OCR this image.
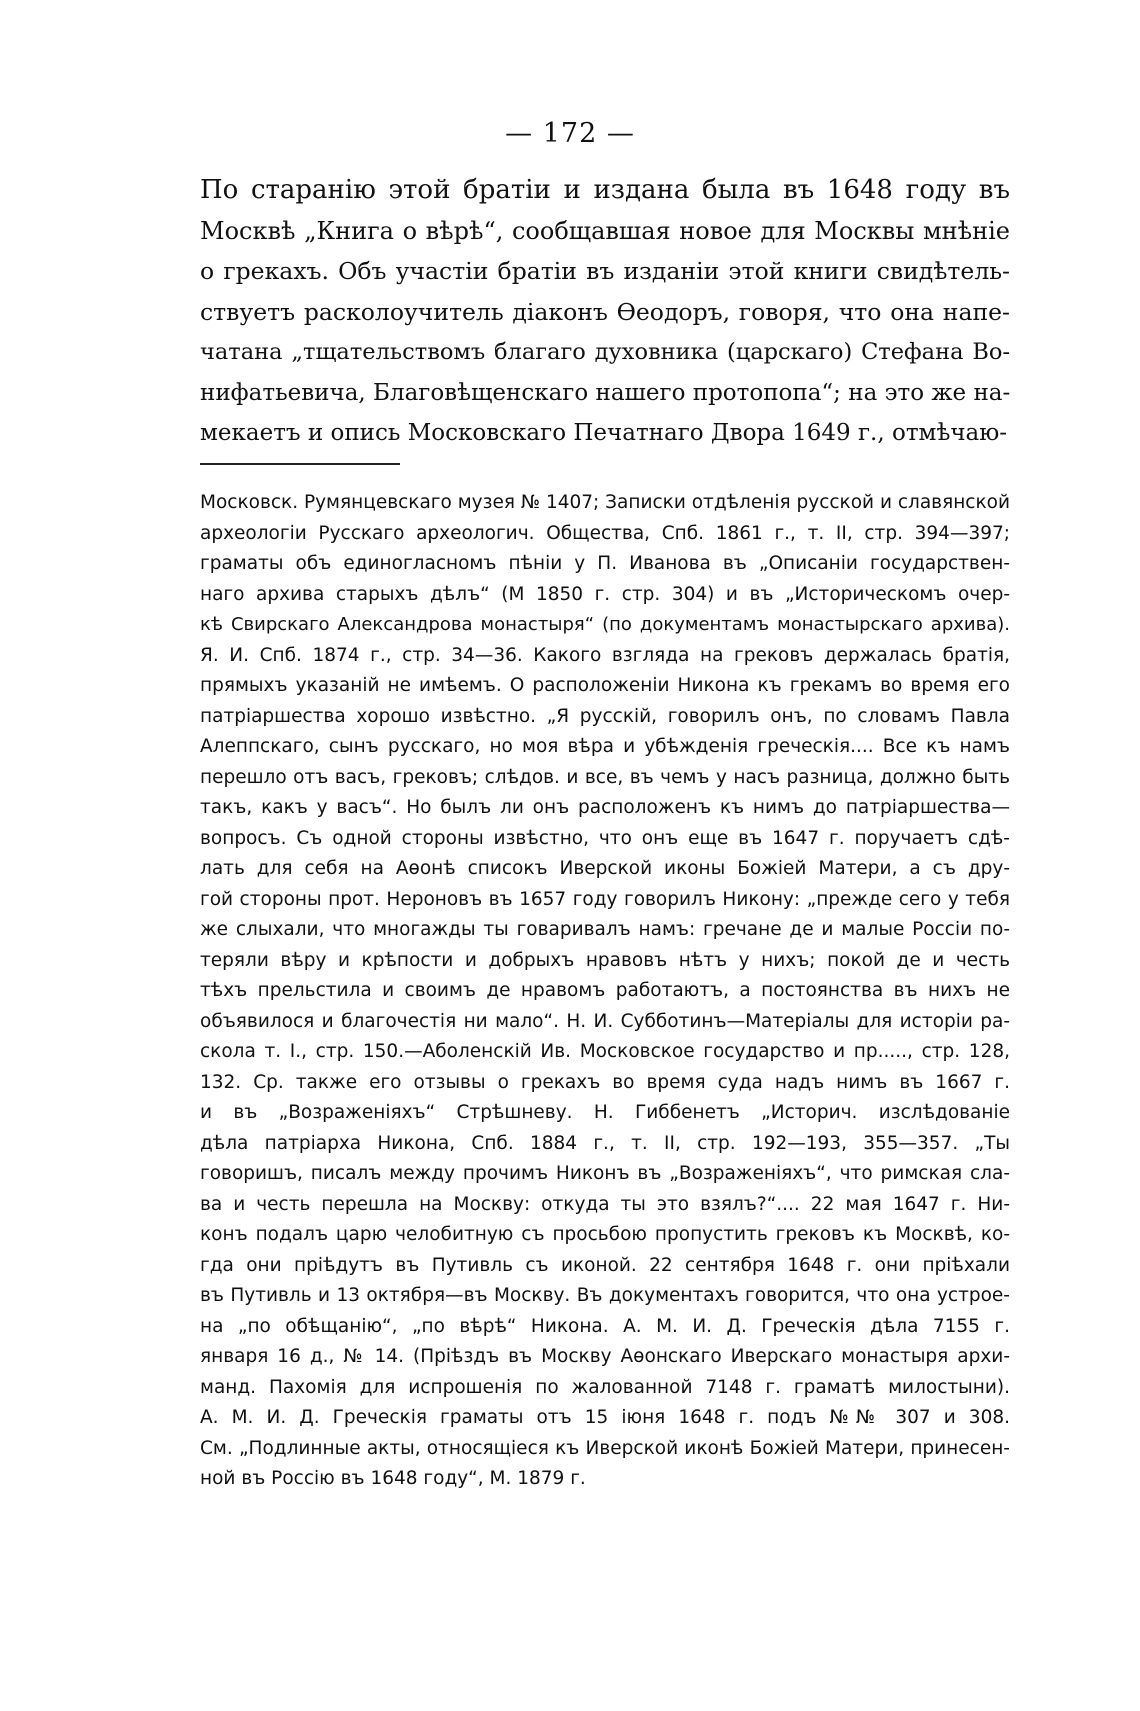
— 172 —
По старанію этой братіи и издана была въ 1648 году въ
Москвѣ „Книга о вѣрѣ“, сообщавшая новое для Москвы мнѣніе
о грекахъ. Объ участіи братіи въ изданіи этой книги свидѣтель-
ствуетъ расколоучитель діаконъ Ѳеодоръ, говоря, что она напе-
чатана „тщательствомъ благаго духовника (царскаго) Стефана Во-
нифатьевича, Благовѣщенскаго нашего протопопа“; на это же на-
мекаетъ и опись Московскаго Печатнаго Двора 1649 г., отмѣчаю-
Московск. Румянцевскаго музея № 1407; Записки отдѣленія русской и славянской
археологіи Русскаго археологич. Общества, Спб. 1861 г., т. II, стр. 394—397;
граматы объ единогласномъ пѣніи у П. Иванова въ „Описаніи государствен-
наго архива старыхъ дѣлъ“ (М 1850 г. стр. 304) и въ „Историческомъ очер-
кѣ Свирскаго Александрова монастыря“ (по документамъ монастырскаго архива).
Я. И. Спб. 1874 г., стр. 34—36. Какого взгляда на грековъ держалась братія,
прямыхъ указаній не имѣемъ. О расположеніи Никона къ грекамъ во время его
патріаршества хорошо извѣстно. „Я русскій, говорилъ онъ, по словамъ Павла
Алеппскаго, сынъ русскаго, но моя вѣра и убѣжденія греческія.... Все къ намъ
перешло отъ васъ, грековъ; слѣдов. и все, въ чемъ у насъ разница, должно быть
такъ, какъ у васъ“. Но былъ ли онъ расположенъ къ нимъ до патріаршества—
вопросъ. Съ одной стороны извѣстно, что онъ еще въ 1647 г. поручаетъ сдѣ-
лать для себя на Аѳонѣ списокъ Иверской иконы Божіей Матери, а съ дру-
гой стороны прот. Нероновъ въ 1657 году говорилъ Никону: „прежде сего у тебя
же слыхали, что многажды ты говаривалъ намъ: гречане де и малые Россіи по-
теряли вѣру и крѣпости и добрыхъ нравовъ нѣтъ у нихъ; покой де и честь
тѣхъ прельстила и своимъ де нравомъ работаютъ, а постоянства въ нихъ не
объявилося и благочестія ни мало“. Н. И. Субботинъ—Матеріалы для исторіи ра-
скола т. I., стр. 150.—Аболенскій Ив. Московское государство и пр....., стр. 128,
132. Ср. также его отзывы о грекахъ во время суда надъ нимъ въ 1667 г.
и въ „Возраженіяхъ“ Стрѣшневу. Н. Гиббенетъ „Историч. изслѣдованіе
дѣла патріарха Никона, Спб. 1884 г., т. II, стр. 192—193, 355—357. „Ты
говоришъ, писалъ между прочимъ Никонъ въ „Возраженіяхъ“, что римская сла-
ва и честь перешла на Москву: откуда ты это взялъ?“.... 22 мая 1647 г. Ни-
конъ подалъ царю челобитную съ просьбою пропустить грековъ къ Москвѣ, ко-
гда они пріѣдутъ въ Путивль съ иконой. 22 сентября 1648 г. они пріѣхали
въ Путивль и 13 октября—въ Москву. Въ документахъ говорится, что она устрое-
на „по обѣщанію“, „по вѣрѣ“ Никона. А. М. И. Д. Греческія дѣла 7155 г.
января 16 д., № 14. (Пріѣздъ въ Москву Аѳонскаго Иверскаго монастыря архи-
манд. Пахомія для испрошенія по жалованной 7148 г. граматѣ милостыни).
А. М. И. Д. Греческія граматы отъ 15 іюня 1648 г. подъ №№ 307 и 308.
См. „Подлинные акты, относящіеся къ Иверской иконѣ Божіей Матери, принесен-
ной въ Россію въ 1648 году“, М. 1879 г.
